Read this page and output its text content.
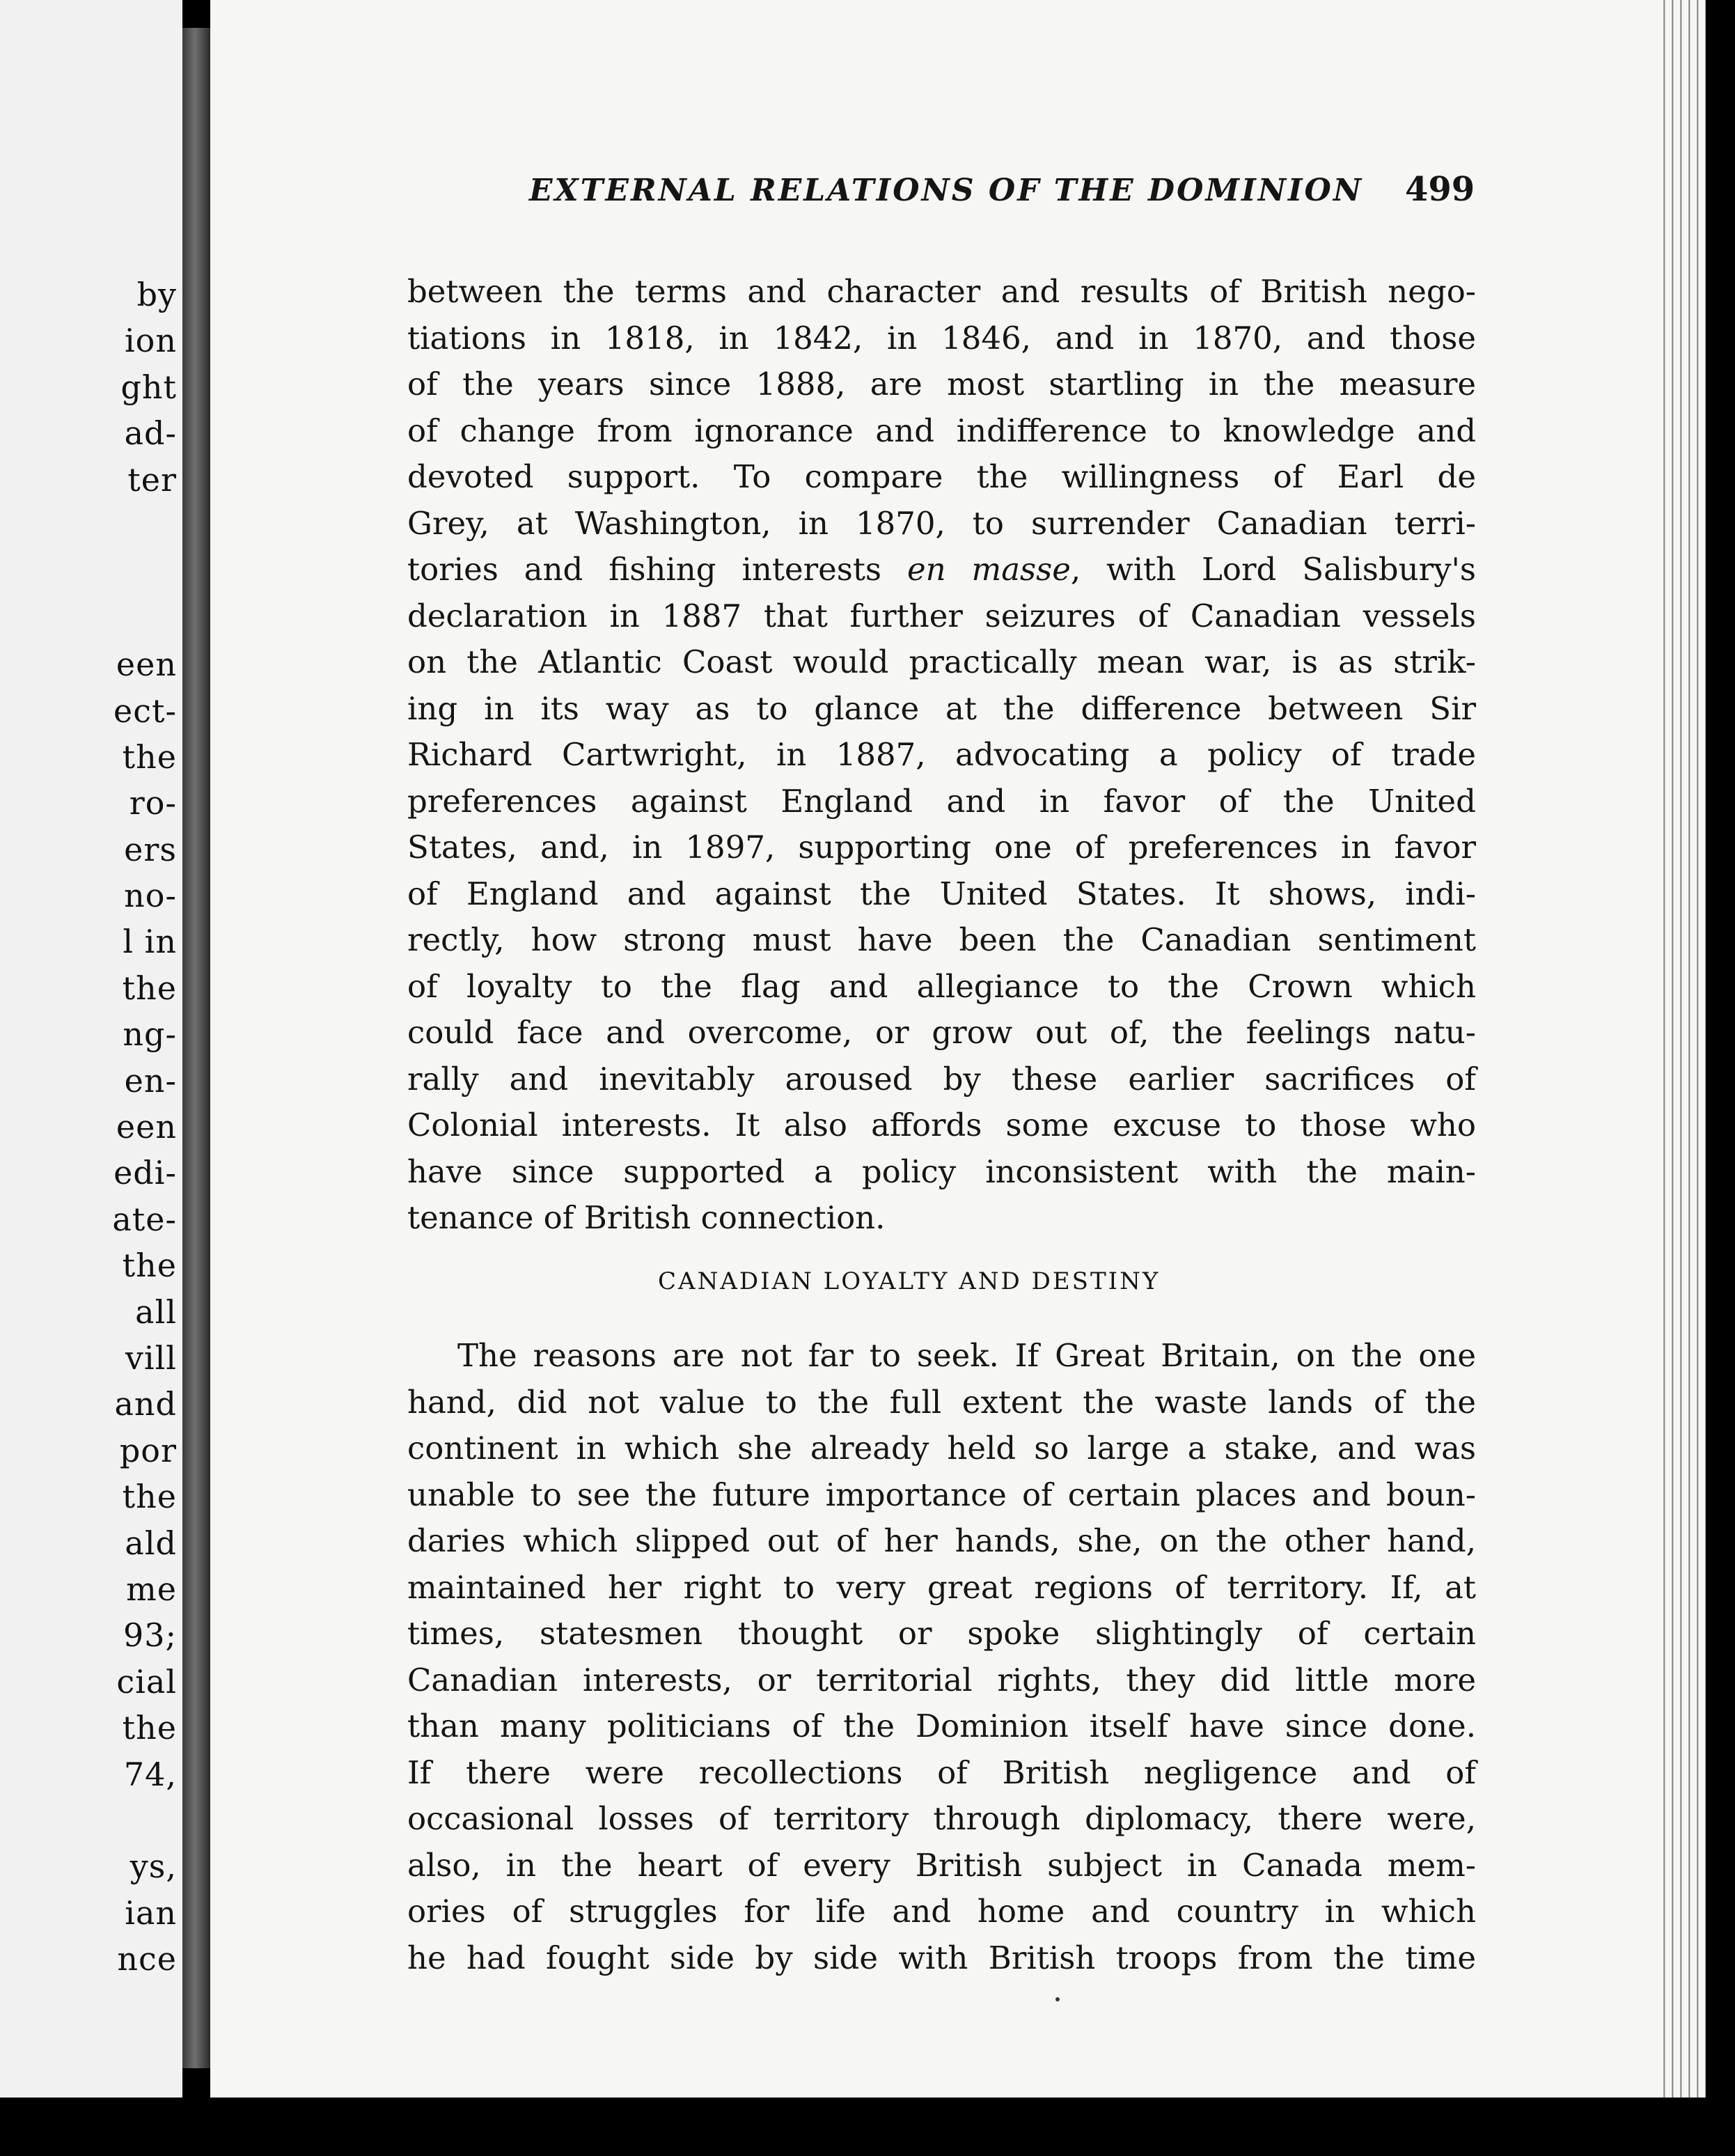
by
ion
ght
ad-
ter
een
ect-
the
ro-
ers
no-
l in
the
ng-
en-
een
edi-
ate-
the
all
vill
and
por
the
ald
me
93;
cial
the
74,
ys,
ian
nce
EXTERNAL RELATIONS OF THE DOMINION 499
between the terms and character and results of British nego-
tiations in 1818, in 1842, in 1846, and in 1870, and those
of the years since 1888, are most startling in the measure
of change from ignorance and indifference to knowledge and
devoted support. To compare the willingness of Earl de
Grey, at Washington, in 1870, to surrender Canadian terri-
tories and fishing interests en masse, with Lord Salisbury's
declaration in 1887 that further seizures of Canadian vessels
on the Atlantic Coast would practically mean war, is as strik-
ing in its way as to glance at the difference between Sir
Richard Cartwright, in 1887, advocating a policy of trade
preferences against England and in favor of the United
States, and, in 1897, supporting one of preferences in favor
of England and against the United States. It shows, indi-
rectly, how strong must have been the Canadian sentiment
of loyalty to the flag and allegiance to the Crown which
could face and overcome, or grow out of, the feelings natu-
rally and inevitably aroused by these earlier sacrifices of
Colonial interests. It also affords some excuse to those who
have since supported a policy inconsistent with the main-
tenance of British connection.
CANADIAN LOYALTY AND DESTINY
The reasons are not far to seek. If Great Britain, on the one
hand, did not value to the full extent the waste lands of the
continent in which she already held so large a stake, and was
unable to see the future importance of certain places and boun-
daries which slipped out of her hands, she, on the other hand,
maintained her right to very great regions of territory. If, at
times, statesmen thought or spoke slightingly of certain
Canadian interests, or territorial rights, they did little more
than many politicians of the Dominion itself have since done.
If there were recollections of British negligence and of
occasional losses of territory through diplomacy, there were,
also, in the heart of every British subject in Canada mem-
ories of struggles for life and home and country in which
he had fought side by side with British troops from the time
